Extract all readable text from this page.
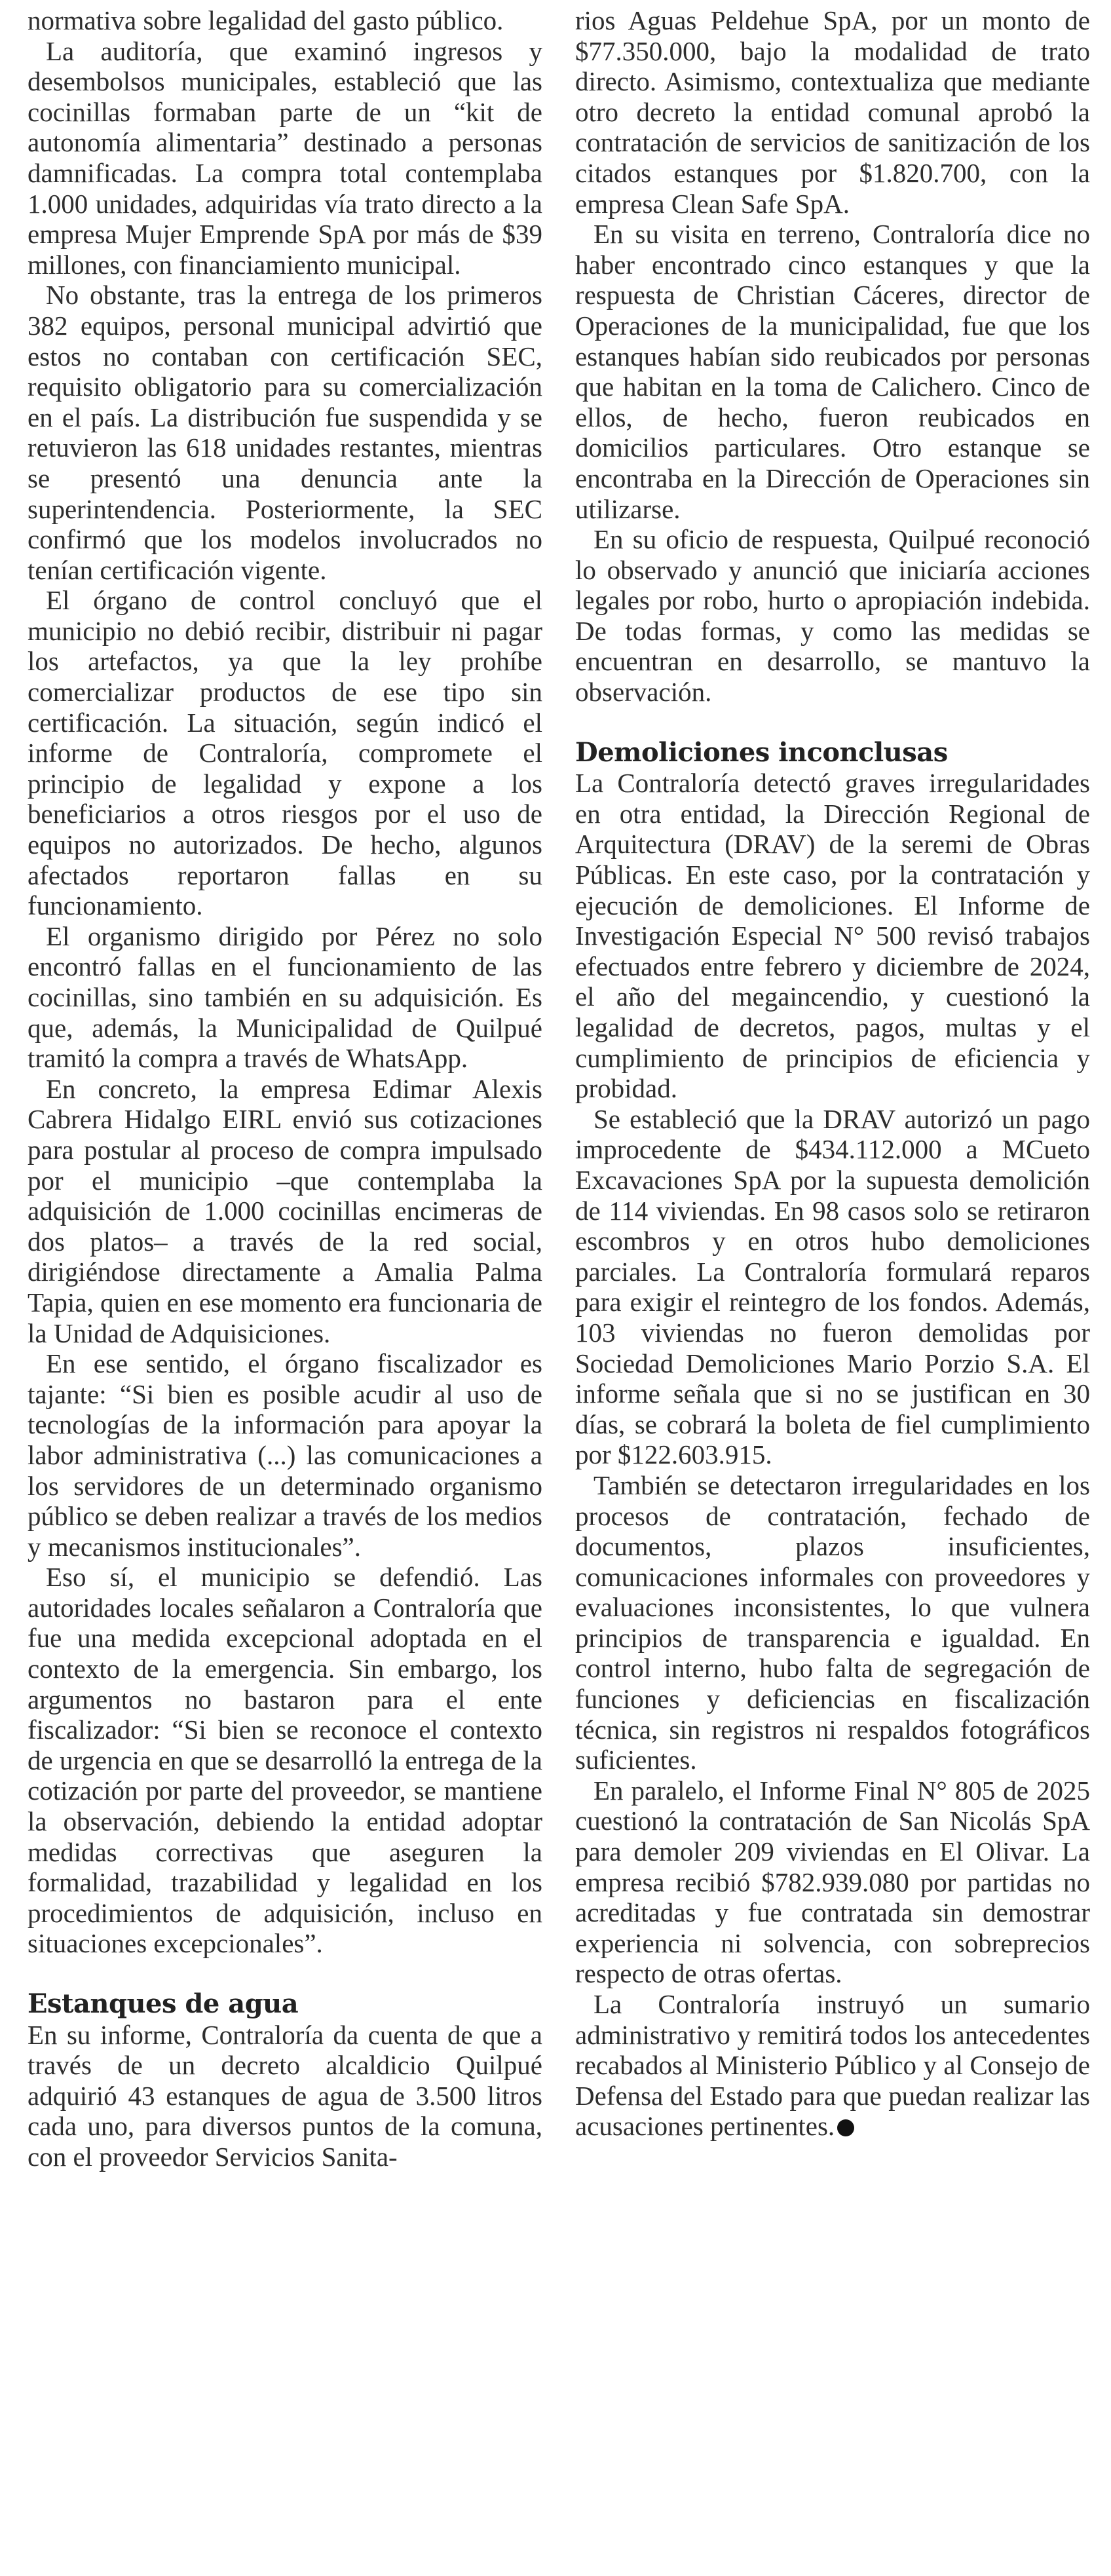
normativa sobre legalidad del gasto público.

La auditoría, que examinó ingresos y desembolsos municipales, estableció que las cocinillas formaban parte de un “kit de autonomía alimentaria” destinado a personas damnificadas. La compra total contemplaba 1.000 unidades, adquiridas vía trato directo a la empresa Mujer Emprende SpA por más de $39 millones, con financiamiento municipal.

No obstante, tras la entrega de los primeros 382 equipos, personal municipal advirtió que estos no contaban con certificación SEC, requisito obligatorio para su comercialización en el país. La distribución fue suspendida y se retuvieron las 618 unidades restantes, mientras se presentó una denuncia ante la superintendencia. Posteriormente, la SEC confirmó que los modelos involucrados no tenían certificación vigente.

El órgano de control concluyó que el municipio no debió recibir, distribuir ni pagar los artefactos, ya que la ley prohíbe comercializar productos de ese tipo sin certificación. La situación, según indicó el informe de Contraloría, compromete el principio de legalidad y expone a los beneficiarios a otros riesgos por el uso de equipos no autorizados. De hecho, algunos afectados reportaron fallas en su funcionamiento.

El organismo dirigido por Pérez no solo encontró fallas en el funcionamiento de las cocinillas, sino también en su adquisición. Es que, además, la Municipalidad de Quilpué tramitó la compra a través de WhatsApp.

En concreto, la empresa Edimar Alexis Cabrera Hidalgo EIRL envió sus cotizaciones para postular al proceso de compra impulsado por el municipio –que contemplaba la adquisición de 1.000 cocinillas encimeras de dos platos– a través de la red social, dirigiéndose directamente a Amalia Palma Tapia, quien en ese momento era funcionaria de la Unidad de Adquisiciones.

En ese sentido, el órgano fiscalizador es tajante: “Si bien es posible acudir al uso de tecnologías de la información para apoyar la labor administrativa (...) las comunicaciones a los servidores de un determinado organismo público se deben realizar a través de los medios y mecanismos institucionales”.

Eso sí, el municipio se defendió. Las autoridades locales señalaron a Contraloría que fue una medida excepcional adoptada en el contexto de la emergencia. Sin embargo, los argumentos no bastaron para el ente fiscalizador: “Si bien se reconoce el contexto de urgencia en que se desarrolló la entrega de la cotización por parte del proveedor, se mantiene la observación, debiendo la entidad adoptar medidas correctivas que aseguren la formalidad, trazabilidad y legalidad en los procedimientos de adquisición, incluso en situaciones excepcionales”.

Estanques de agua

En su informe, Contraloría da cuenta de que a través de un decreto alcaldicio Quilpué adquirió 43 estanques de agua de 3.500 litros cada uno, para diversos puntos de la comuna, con el proveedor Servicios Sanita-

rios Aguas Peldehue SpA, por un monto de $77.350.000, bajo la modalidad de trato directo. Asimismo, contextualiza que mediante otro decreto la entidad comunal aprobó la contratación de servicios de sanitización de los citados estanques por $1.820.700, con la empresa Clean Safe SpA.

En su visita en terreno, Contraloría dice no haber encontrado cinco estanques y que la respuesta de Christian Cáceres, director de Operaciones de la municipalidad, fue que los estanques habían sido reubicados por personas que habitan en la toma de Calichero. Cinco de ellos, de hecho, fueron reubicados en domicilios particulares. Otro estanque se encontraba en la Dirección de Operaciones sin utilizarse.

En su oficio de respuesta, Quilpué reconoció lo observado y anunció que iniciaría acciones legales por robo, hurto o apropiación indebida. De todas formas, y como las medidas se encuentran en desarrollo, se mantuvo la observación.

Demoliciones inconclusas

La Contraloría detectó graves irregularidades en otra entidad, la Dirección Regional de Arquitectura (DRAV) de la seremi de Obras Públicas. En este caso, por la contratación y ejecución de demoliciones. El Informe de Investigación Especial N° 500 revisó trabajos efectuados entre febrero y diciembre de 2024, el año del megaincendio, y cuestionó la legalidad de decretos, pagos, multas y el cumplimiento de principios de eficiencia y probidad.

Se estableció que la DRAV autorizó un pago improcedente de $434.112.000 a MCueto Excavaciones SpA por la supuesta demolición de 114 viviendas. En 98 casos solo se retiraron escombros y en otros hubo demoliciones parciales. La Contraloría formulará reparos para exigir el reintegro de los fondos. Además, 103 viviendas no fueron demolidas por Sociedad Demoliciones Mario Porzio S.A. El informe señala que si no se justifican en 30 días, se cobrará la boleta de fiel cumplimiento por $122.603.915.

También se detectaron irregularidades en los procesos de contratación, fechado de documentos, plazos insuficientes, comunicaciones informales con proveedores y evaluaciones inconsistentes, lo que vulnera principios de transparencia e igualdad. En control interno, hubo falta de segregación de funciones y deficiencias en fiscalización técnica, sin registros ni respaldos fotográficos suficientes.

En paralelo, el Informe Final N° 805 de 2025 cuestionó la contratación de San Nicolás SpA para demoler 209 viviendas en El Olivar. La empresa recibió $782.939.080 por partidas no acreditadas y fue contratada sin demostrar experiencia ni solvencia, con sobreprecios respecto de otras ofertas.

La Contraloría instruyó un sumario administrativo y remitirá todos los antecedentes recabados al Ministerio Público y al Consejo de Defensa del Estado para que puedan realizar las acusaciones pertinentes.
